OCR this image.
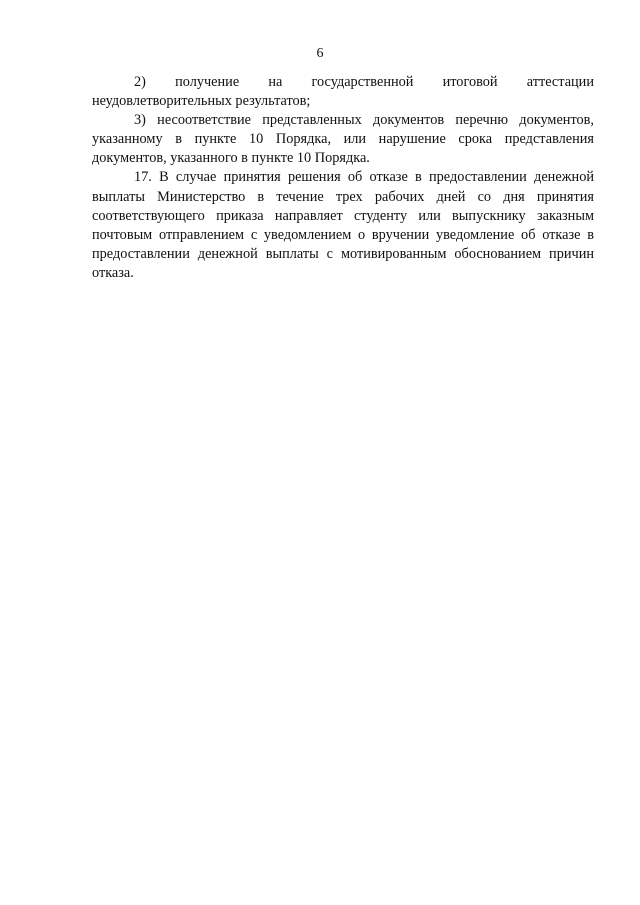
6

2) получение на государственной итоговой аттестации
неудовлетворительных результатов;

3) несоответствие представленных документов перечню документов, указанному в пункте 10 Порядка, или нарушение срока представления документов, указанного в пункте 10 Порядка.

17. В случае принятия решения об отказе в предоставлении денежной выплаты Министерство в течение трех рабочих дней со дня принятия соответствующего приказа направляет студенту или выпускнику заказным почтовым отправлением с уведомлением о вручении уведомление об отказе в предоставлении денежной выплаты с мотивированным обоснованием причин отказа.
